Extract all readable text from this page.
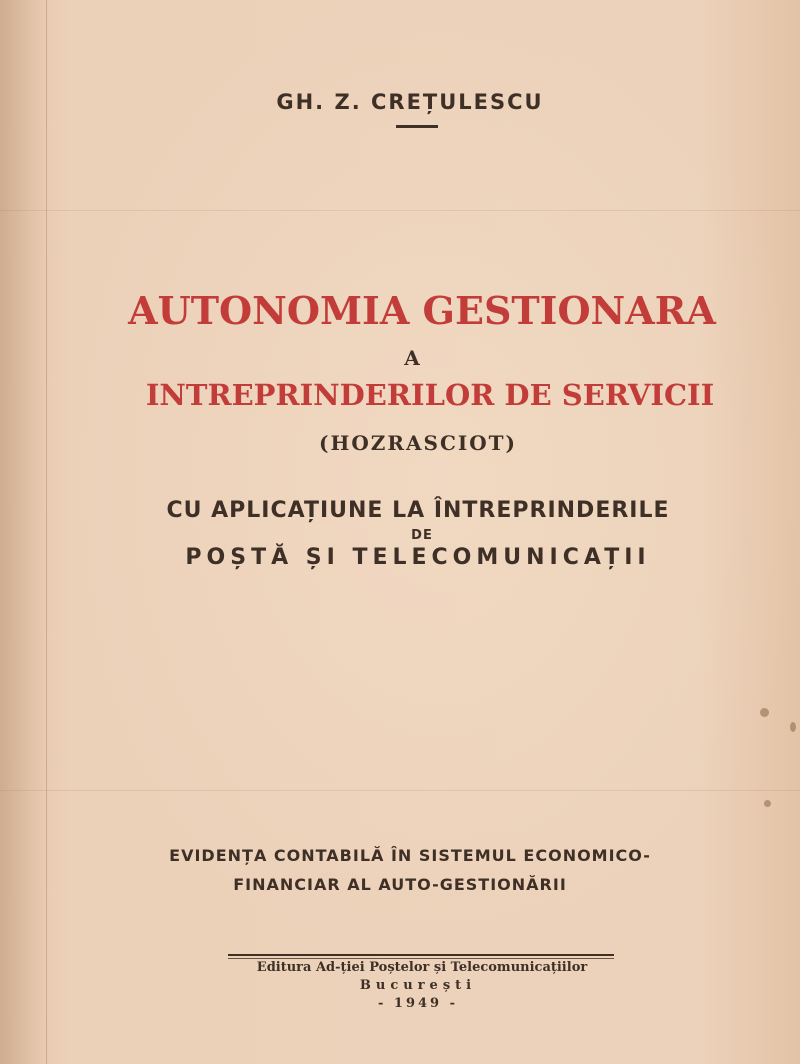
GH. Z. CREȚULESCU

AUTONOMIA GESTIONARA

A

INTREPRINDERILOR DE SERVICII

(HOZRASCIOT)

CU APLICAȚIUNE LA ÎNTREPRINDERILE

DE

POȘTĂ ȘI TELECOMUNICAȚII

EVIDENȚA CONTABILĂ ÎN SISTEMUL ECONOMICO-

FINANCIAR AL AUTO-GESTIONĂRII

Editura Ad-ției Poștelor și Telecomunicațiilor

București

- 1949 -
